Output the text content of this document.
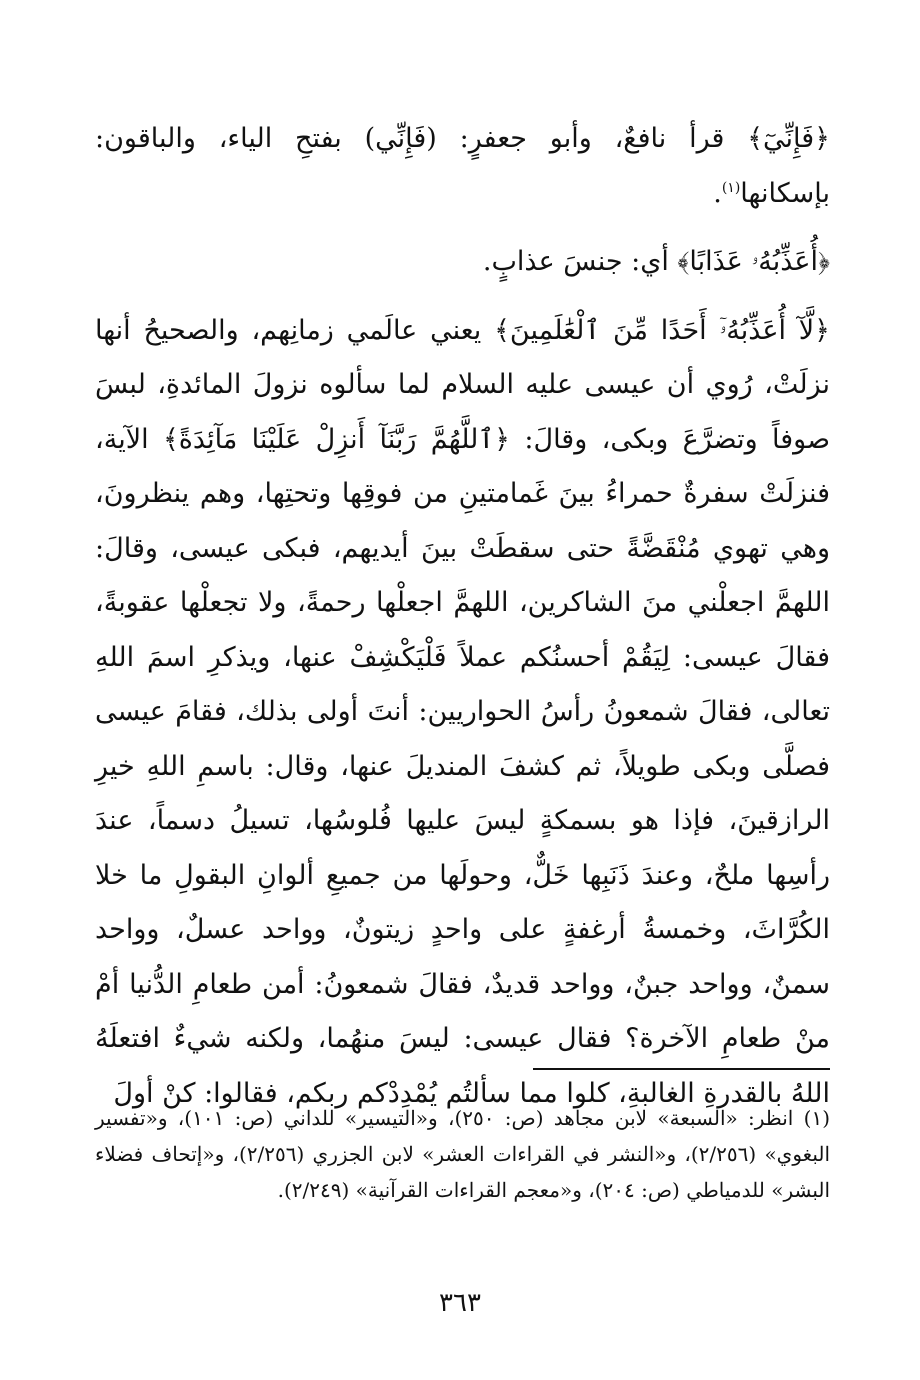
﴿فَإِنِّيٓ﴾ قرأ نافعٌ، وأبو جعفرٍ: (فَإِنِّي) بفتحِ الياء، والباقون: بإسكانها$^{(١)}$.

﴿أُعَذِّبُهُۥ عَذَابًا﴾ أي: جنسَ عذابٍ.

﴿لَّآ أُعَذِّبُهُۥٓ أَحَدًا مِّنَ ٱلْعَٰلَمِينَ﴾ يعني عالَمي زمانِهم، والصحيحُ أنها نزلَتْ، رُوي أن عيسى عليه السلام لما سألوه نزولَ المائدةِ، لبسَ صوفاً وتضرَّعَ وبكى، وقالَ: ﴿ٱللَّهُمَّ رَبَّنَآ أَنزِلْ عَلَيْنَا مَآئِدَةً﴾ الآية، فنزلَتْ سفرةٌ حمراءُ بينَ غَمامتينِ من فوقِها وتحتِها، وهم ينظرونَ، وهي تهوي مُنْقَضَّةً حتى سقطَتْ بينَ أيديهم، فبكى عيسى، وقالَ: اللهمَّ اجعلْني منَ الشاكرين، اللهمَّ اجعلْها رحمةً، ولا تجعلْها عقوبةً، فقالَ عيسى: لِيَقُمْ أحسنُكم عملاً فَلْيَكْشِفْ عنها، ويذكرِ اسمَ اللهِ تعالى، فقالَ شمعونُ رأسُ الحواريين: أنتَ أولى بذلك، فقامَ عيسى فصلَّى وبكى طويلاً، ثم كشفَ المنديلَ عنها، وقال: باسمِ اللهِ خيرِ الرازقينَ، فإذا هو بسمكةٍ ليسَ عليها فُلوسُها، تسيلُ دسماً، عندَ رأسِها ملحٌ، وعندَ ذَنَبِها خَلٌّ، وحولَها من جميعِ ألوانِ البقولِ ما خلا الكُرَّاثَ، وخمسةُ أرغفةٍ على واحدٍ زيتونٌ، وواحد عسلٌ، وواحد سمنٌ، وواحد جبنٌ، وواحد قديدٌ، فقالَ شمعونُ: أمن طعامِ الدُّنيا أمْ منْ طعامِ الآخرة؟ فقال عيسى: ليسَ منهُما، ولكنه شيءٌ افتعلَهُ اللهُ بالقدرةِ الغالبةِ، كلوا مما سألتُم يُمْدِدْكم ربكم، فقالوا: كنْ أولَ

(١) انظر: «السبعة» لابن مجاهد (ص: ٢٥٠)، و«التيسير» للداني (ص: ١٠١)، و«تفسير البغوي» (٢/٢٥٦)، و«النشر في القراءات العشر» لابن الجزري (٢/٢٥٦)، و«إتحاف فضلاء البشر» للدمياطي (ص: ٢٠٤)، و«معجم القراءات القرآنية» (٢/٢٤٩).

٣٦٣
